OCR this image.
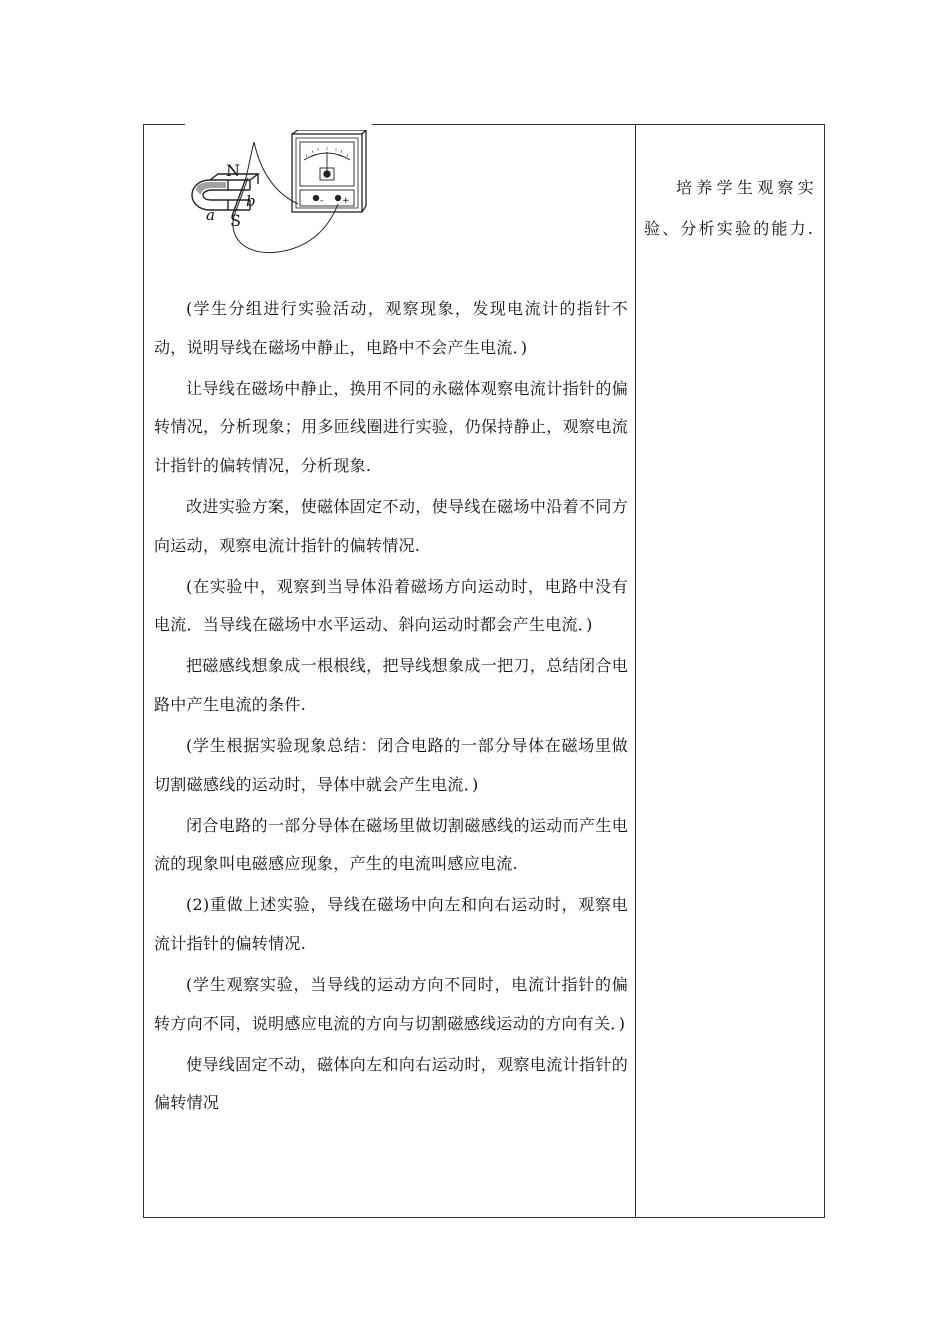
N
S
a
b	- +

(学生分组进行实验活动，观察现象，发现电流计的指针不动，说明导线在磁场中静止，电路中不会产生电流．)

让导线在磁场中静止，换用不同的永磁体观察电流计指针的偏转情况，分析现象；用多匝线圈进行实验，仍保持静止，观察电流计指针的偏转情况，分析现象.

改进实验方案，使磁体固定不动，使导线在磁场中沿着不同方向运动，观察电流计指针的偏转情况.

(在实验中，观察到当导体沿着磁场方向运动时，电路中没有电流．当导线在磁场中水平运动、斜向运动时都会产生电流．)

把磁感线想象成一根根线，把导线想象成一把刀，总结闭合电路中产生电流的条件.

(学生根据实验现象总结：闭合电路的一部分导体在磁场里做切割磁感线的运动时，导体中就会产生电流．)

闭合电路的一部分导体在磁场里做切割磁感线的运动而产生电流的现象叫电磁感应现象，产生的电流叫感应电流.

(2)重做上述实验，导线在磁场中向左和向右运动时，观察电流计指针的偏转情况.

(学生观察实验，当导线的运动方向不同时，电流计指针的偏转方向不同，说明感应电流的方向与切割磁感线运动的方向有关．)

使导线固定不动，磁体向左和向右运动时，观察电流计指针的偏转情况

培养学生观察实验、分析实验的能力.
